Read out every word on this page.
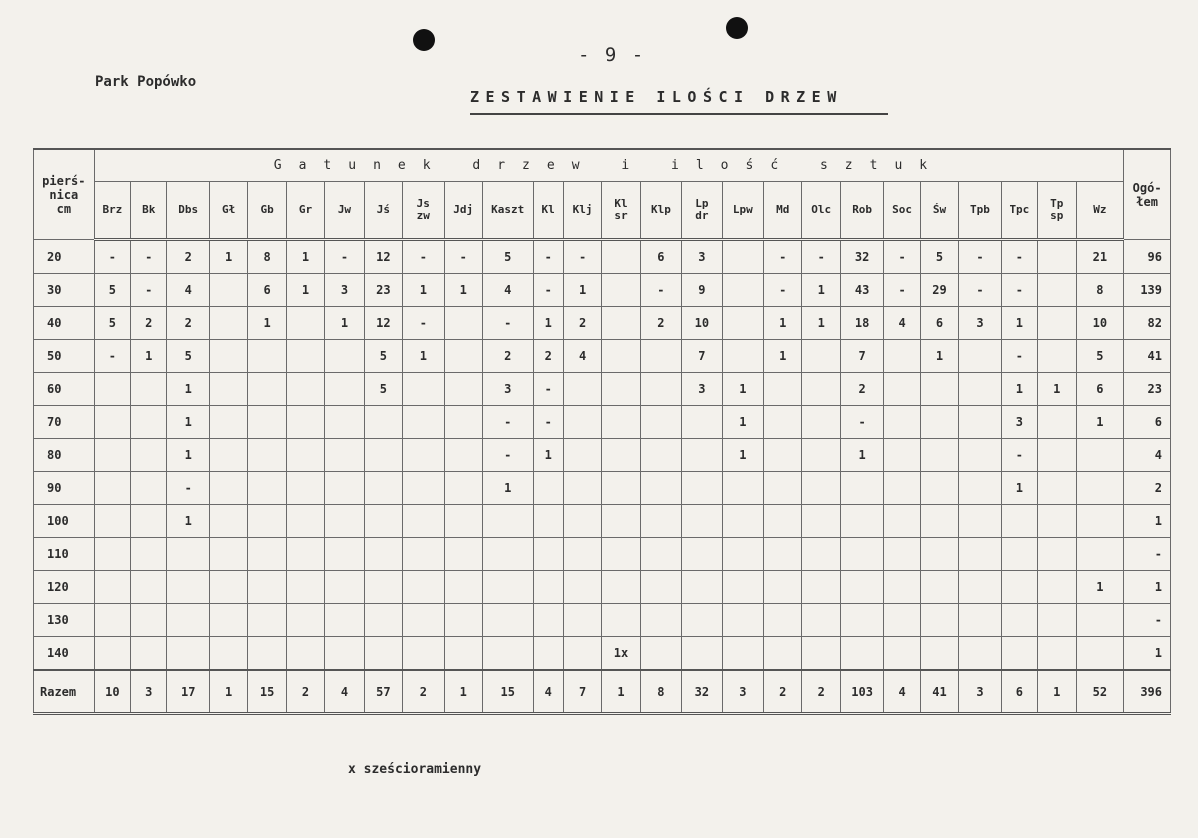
- 9 -
Park Popówko
ZESTAWIENIE ILOŚCI DRZEW
pierś-
nica
cm	Gatunek drzew i ilość sztuk																										Ogó-
łem
	Brz	Bk	Dbs	Gł	Gb	Gr	Jw	Jś	Js
zw	Jdj	Kaszt	Kl	Klj	Kl
sr	Klp	Lp
dr	Lpw	Md	Olc	Rob	Soc	Św	Tpb	Tpc	Tp
sp	Wz	
20	-	-	2	1	8	1	-	12	-	-	5	-	-		6	3		-	-	32	-	5	-	-		21	96
30	5	-	4		6	1	3	23	1	1	4	-	1		-	9		-	1	43	-	29	-	-		8	139
40	5	2	2		1		1	12	-		-	1	2		2	10		1	1	18	4	6	3	1		10	82
50	-	1	5					5	1		2	2	4			7		1		7		1		-		5	41
60			1					5			3	-				3	1			2				1	1	6	23
70			1								-	-					1			-				3		1	6
80			1								-	1					1			1				-			4
90			-								1													1			2
100			1																								1
110																											-
120																										1	1
130																											-
140														1x													1
Razem	10	3	17	1	15	2	4	57	2	1	15	4	7	1	8	32	3	2	2	103	4	41	3	6	1	52	396
x sześcioramienny
